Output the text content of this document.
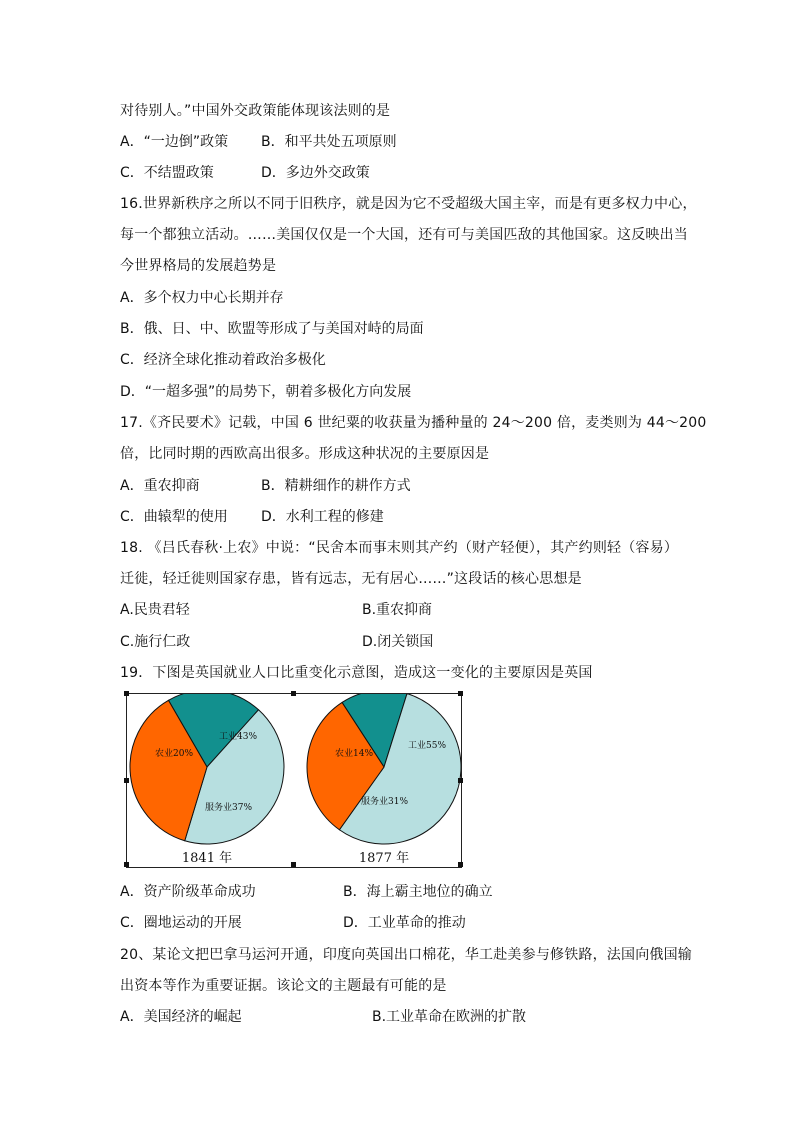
对待别人。”中国外交政策能体现该法则的是
A．“一边倒”政策 B．和平共处五项原则
C．不结盟政策	D．多边外交政策
16.世界新秩序之所以不同于旧秩序，就是因为它不受超级大国主宰，而是有更多权力中心，
每一个都独立活动。……美国仅仅是一个大国，还有可与美国匹敌的其他国家。这反映出当
今世界格局的发展趋势是
A．多个权力中心长期并存
B．俄、日、中、欧盟等形成了与美国对峙的局面
C．经济全球化推动着政治多极化
D．“一超多强”的局势下，朝着多极化方向发展
17.《齐民要术》记载，中国 6 世纪粟的收获量为播种量的 24～200 倍，麦类则为 44～200
倍，比同时期的西欧高出很多。形成这种状况的主要原因是
A．重农抑商	B．精耕细作的耕作方式
C．曲辕犁的使用 D．水利工程的修建
18. 《吕氏春秋·上农》中说：“民舍本而事末则其产约（财产轻便），其产约则轻（容易）
迁徙，轻迁徙则国家存患，皆有远志，无有居心……”这段话的核心思想是
A.民贵君轻	B.重农抑商
C.施行仁政	D.闭关锁国
19．下图是英国就业人口比重变化示意图，造成这一变化的主要原因是英国
农业20%
工业43%
服务业37%
1841 年
农业14%
工业55%
服务业31%
1877 年
A．资产阶级革命成功	B．海上霸主地位的确立
C．圈地运动的开展	D．工业革命的推动
20、某论文把巴拿马运河开通，印度向英国出口棉花，华工赴美参与修铁路，法国向俄国输
出资本等作为重要证据。该论文的主题最有可能的是
A．美国经济的崛起	B.工业革命在欧洲的扩散
